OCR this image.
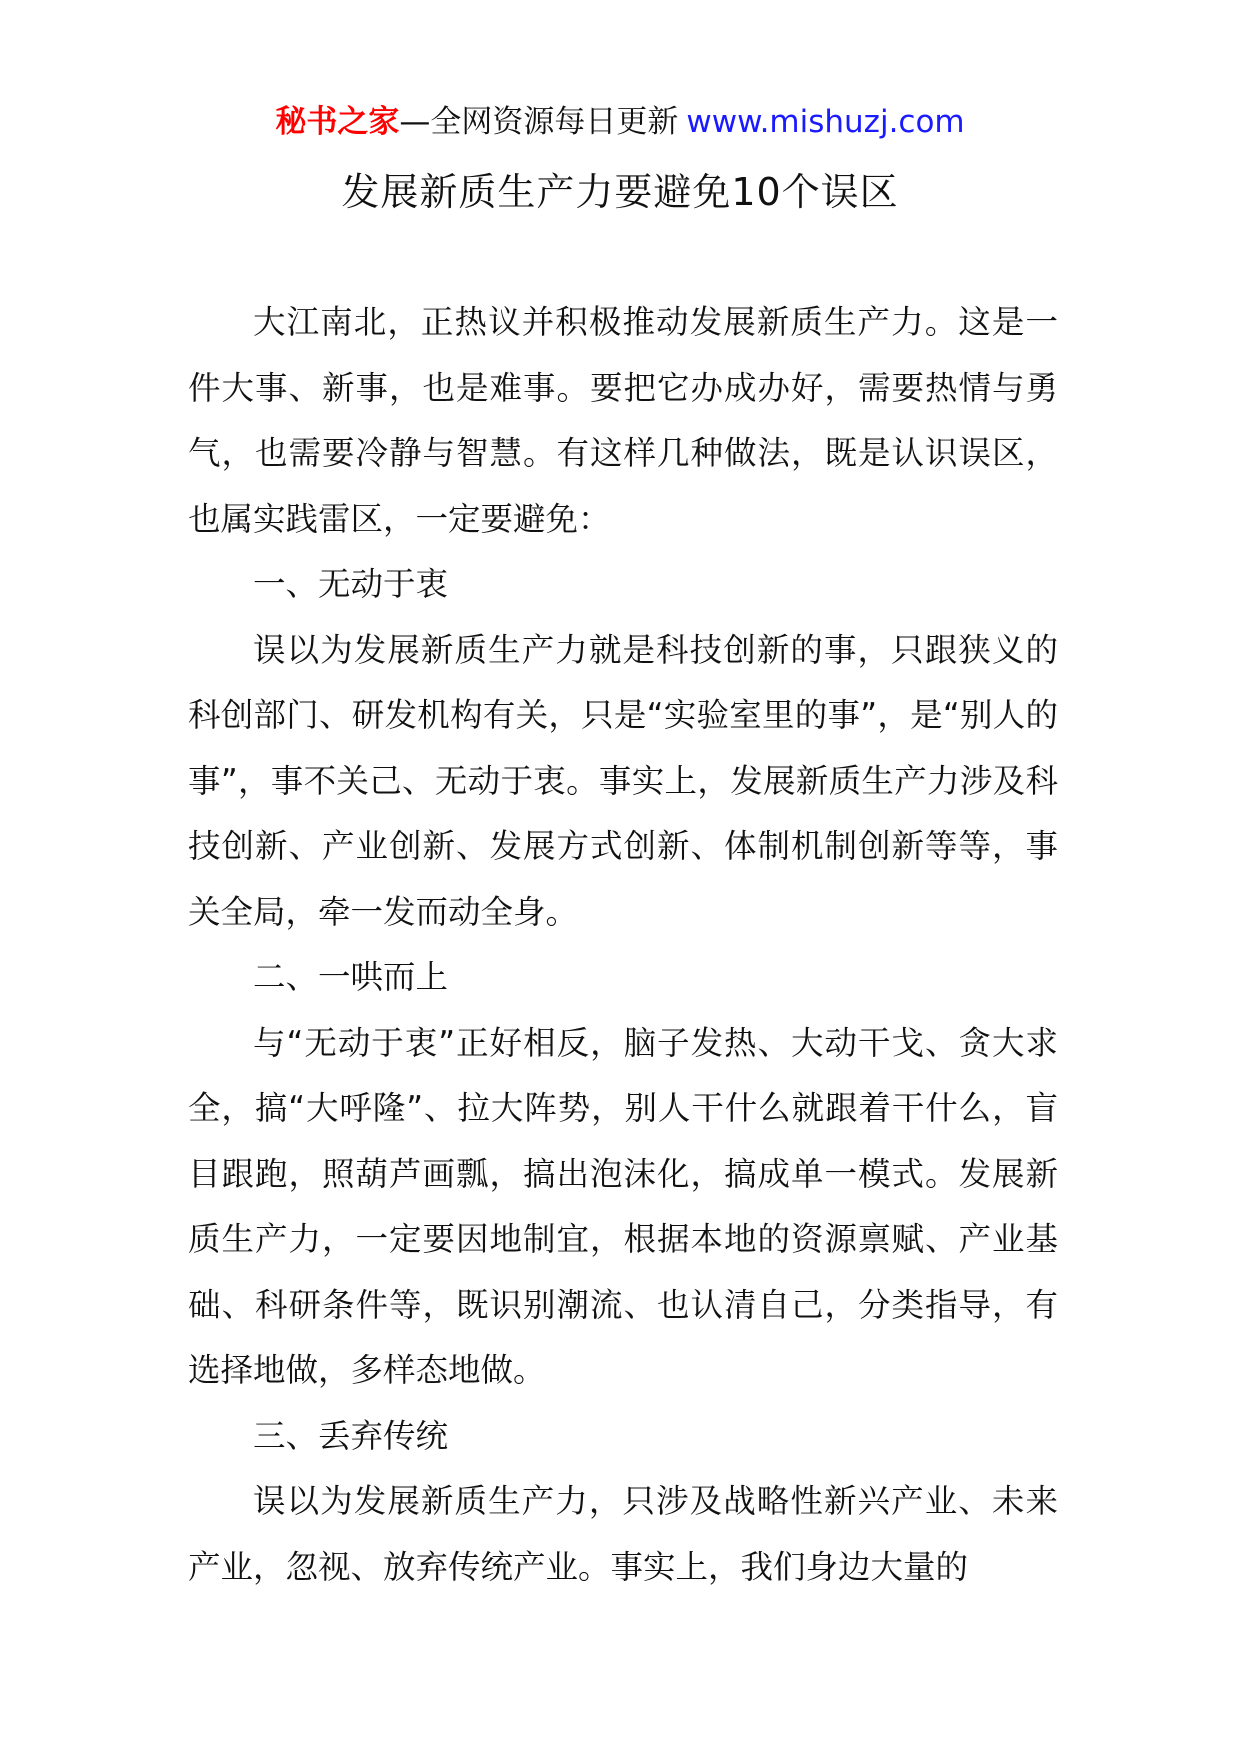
秘书之家—全网资源每日更新 www.mishuzj.com
发展新质生产力要避免10个误区

大江南北，正热议并积极推动发展新质生产力。这是一件大事、新事，也是难事。要把它办成办好，需要热情与勇气，也需要冷静与智慧。有这样几种做法，既是认识误区，也属实践雷区，一定要避免：

一、无动于衷

误以为发展新质生产力就是科技创新的事，只跟狭义的科创部门、研发机构有关，只是“实验室里的事”，是“别人的事”，事不关己、无动于衷。事实上，发展新质生产力涉及科技创新、产业创新、发展方式创新、体制机制创新等等，事关全局，牵一发而动全身。

二、一哄而上

与“无动于衷”正好相反，脑子发热、大动干戈、贪大求全，搞“大呼隆”、拉大阵势，别人干什么就跟着干什么，盲目跟跑，照葫芦画瓢，搞出泡沫化，搞成单一模式。发展新质生产力，一定要因地制宜，根据本地的资源禀赋、产业基础、科研条件等，既识别潮流、也认清自己，分类指导，有选择地做，多样态地做。

三、丢弃传统

误以为发展新质生产力，只涉及战略性新兴产业、未来产业，忽视、放弃传统产业。事实上，我们身边大量的
